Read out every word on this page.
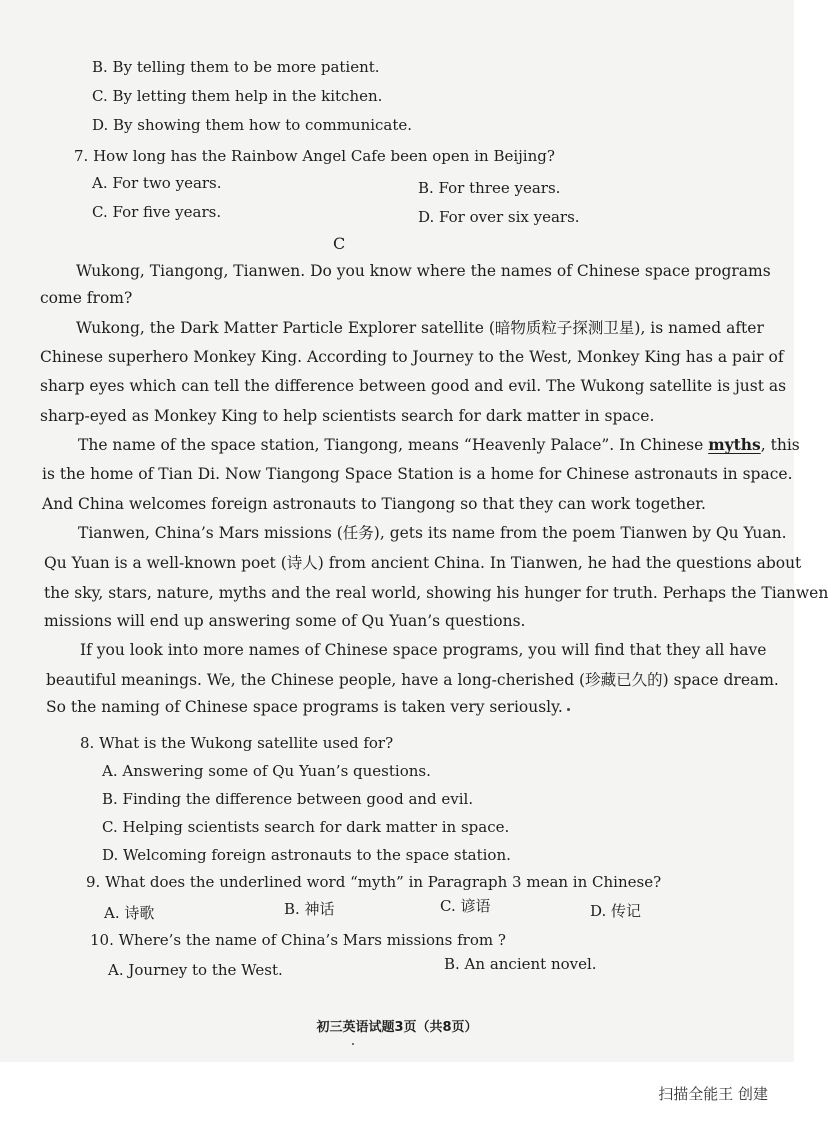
B. By telling them to be more patient.
C. By letting them help in the kitchen.
D. By showing them how to communicate.
7. How long has the Rainbow Angel Cafe been open in Beijing?
A. For two years.	B. For three years.
C. For five years.	D. For over six years.
C
Wukong, Tiangong, Tianwen. Do you know where the names of Chinese space programs
come from?
Wukong, the Dark Matter Particle Explorer satellite (暗物质粒子探测卫星), is named after
Chinese superhero Monkey King. According to Journey to the West, Monkey King has a pair of
sharp eyes which can tell the difference between good and evil. The Wukong satellite is just as
sharp-eyed as Monkey King to help scientists search for dark matter in space.
The name of the space station, Tiangong, means “Heavenly Palace”. In Chinese myths, this
is the home of Tian Di. Now Tiangong Space Station is a home for Chinese astronauts in space.
And China welcomes foreign astronauts to Tiangong so that they can work together.
Tianwen, China’s Mars missions (任务), gets its name from the poem Tianwen by Qu Yuan.
Qu Yuan is a well-known poet (诗人) from ancient China. In Tianwen, he had the questions about
the sky, stars, nature, myths and the real world, showing his hunger for truth. Perhaps the Tianwen
missions will end up answering some of Qu Yuan’s questions.
If you look into more names of Chinese space programs, you will find that they all have
beautiful meanings. We, the Chinese people, have a long-cherished (珍藏已久的) space dream.
So the naming of Chinese space programs is taken very seriously.
8. What is the Wukong satellite used for?
A. Answering some of Qu Yuan’s questions.
B. Finding the difference between good and evil.
C. Helping scientists search for dark matter in space.
D. Welcoming foreign astronauts to the space station.
9. What does the underlined word “myth” in Paragraph 3 mean in Chinese?
A. 诗歌	B. 神话	C. 谚语	D. 传记
10. Where’s the name of China’s Mars missions from ?
A. Journey to the West.	B. An ancient novel.
初三英语试题3页（共8页）
扫描全能王 创建
